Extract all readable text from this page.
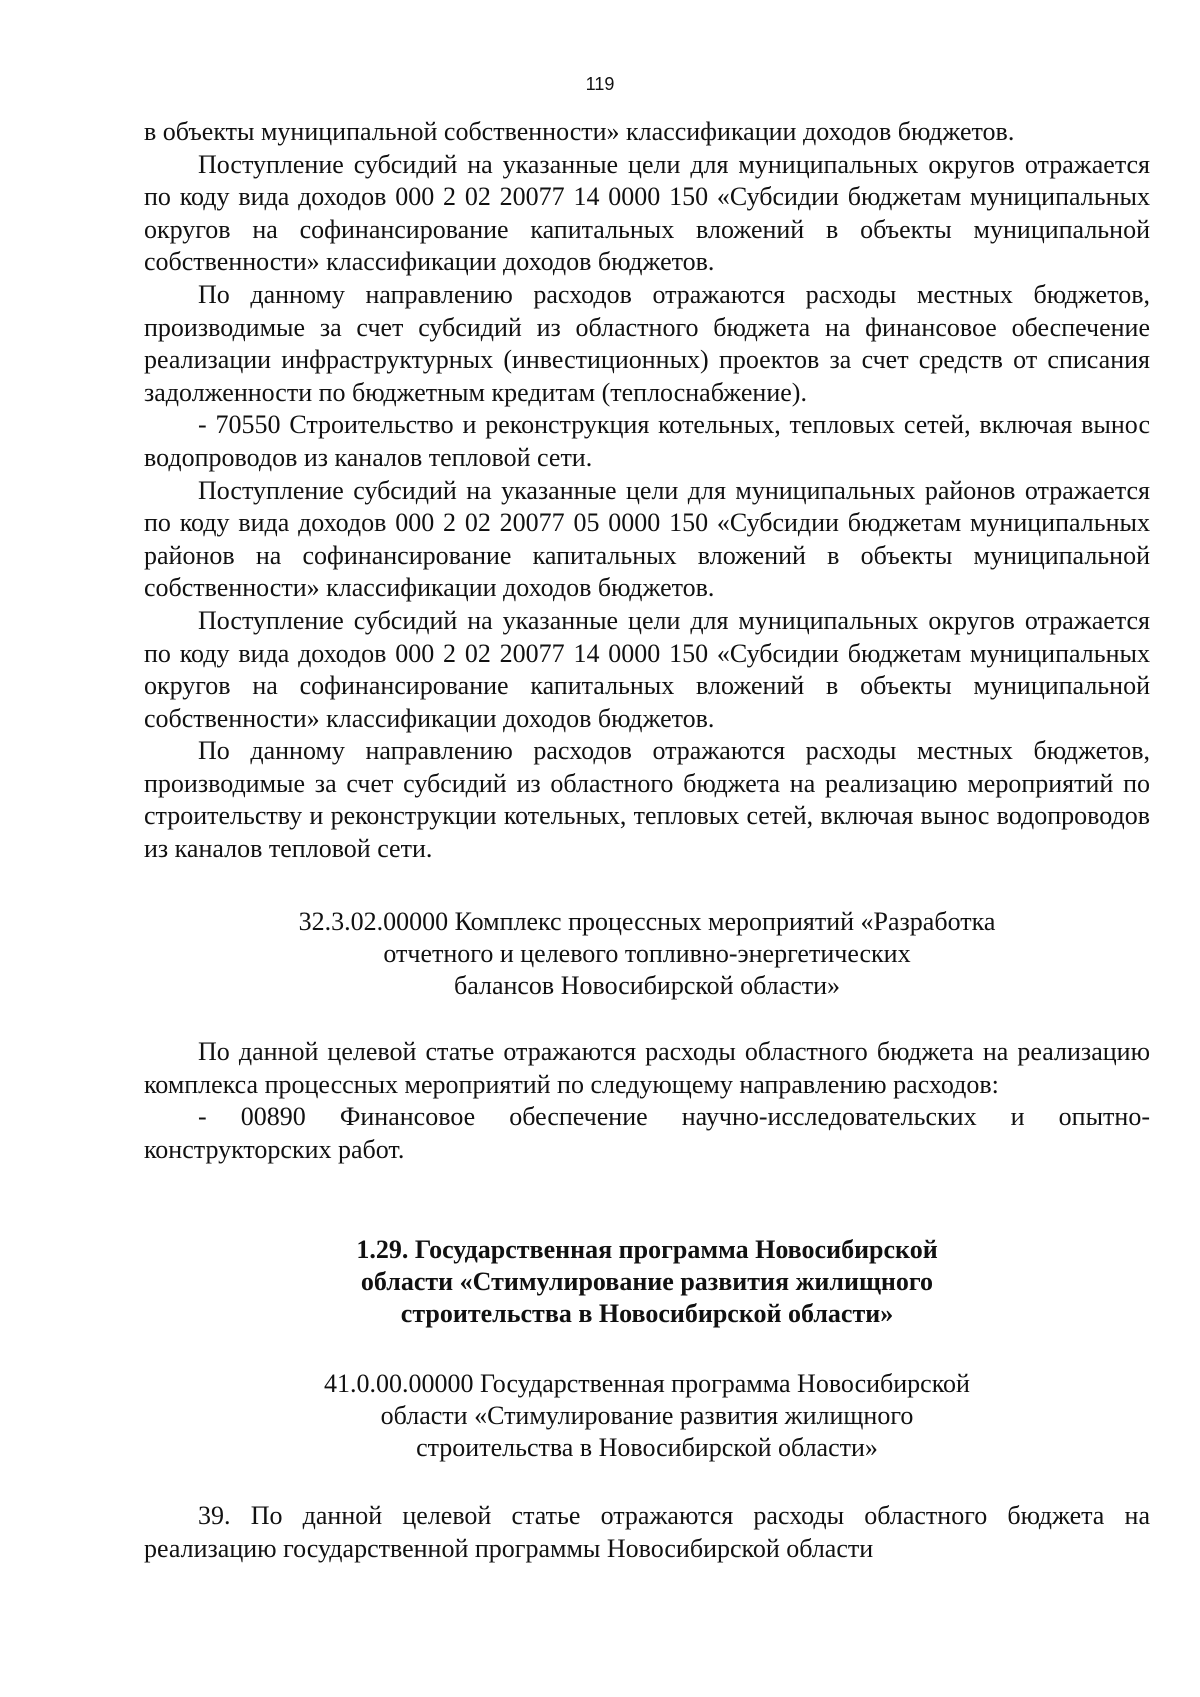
119

в объекты муниципальной собственности» классификации доходов бюджетов.

Поступление субсидий на указанные цели для муниципальных округов отражается по коду вида доходов 000 2 02 20077 14 0000 150 «Субсидии бюджетам муниципальных округов на софинансирование капитальных вложений в объекты муниципальной собственности» классификации доходов бюджетов.

По данному направлению расходов отражаются расходы местных бюджетов, производимые за счет субсидий из областного бюджета на финансовое обеспечение реализации инфраструктурных (инвестиционных) проектов за счет средств от списания задолженности по бюджетным кредитам (теплоснабжение).

- 70550 Строительство и реконструкция котельных, тепловых сетей, включая вынос водопроводов из каналов тепловой сети.

Поступление субсидий на указанные цели для муниципальных районов отражается по коду вида доходов 000 2 02 20077 05 0000 150 «Субсидии бюджетам муниципальных районов на софинансирование капитальных вложений в объекты муниципальной собственности» классификации доходов бюджетов.

Поступление субсидий на указанные цели для муниципальных округов отражается по коду вида доходов 000 2 02 20077 14 0000 150 «Субсидии бюджетам муниципальных округов на софинансирование капитальных вложений в объекты муниципальной собственности» классификации доходов бюджетов.

По данному направлению расходов отражаются расходы местных бюджетов, производимые за счет субсидий из областного бюджета на реализацию мероприятий по строительству и реконструкции котельных, тепловых сетей, включая вынос водопроводов из каналов тепловой сети.

32.3.02.00000 Комплекс процессных мероприятий «Разработка
отчетного и целевого топливно-энергетических
балансов Новосибирской области»

По данной целевой статье отражаются расходы областного бюджета на реализацию комплекса процессных мероприятий по следующему направлению расходов:

- 00890 Финансовое обеспечение научно-исследовательских и опытно-конструкторских работ.

1.29. Государственная программа Новосибирской
области «Стимулирование развития жилищного
строительства в Новосибирской области»
41.0.00.00000 Государственная программа Новосибирской
области «Стимулирование развития жилищного
строительства в Новосибирской области»

39. По данной целевой статье отражаются расходы областного бюджета на реализацию государственной программы Новосибирской области
